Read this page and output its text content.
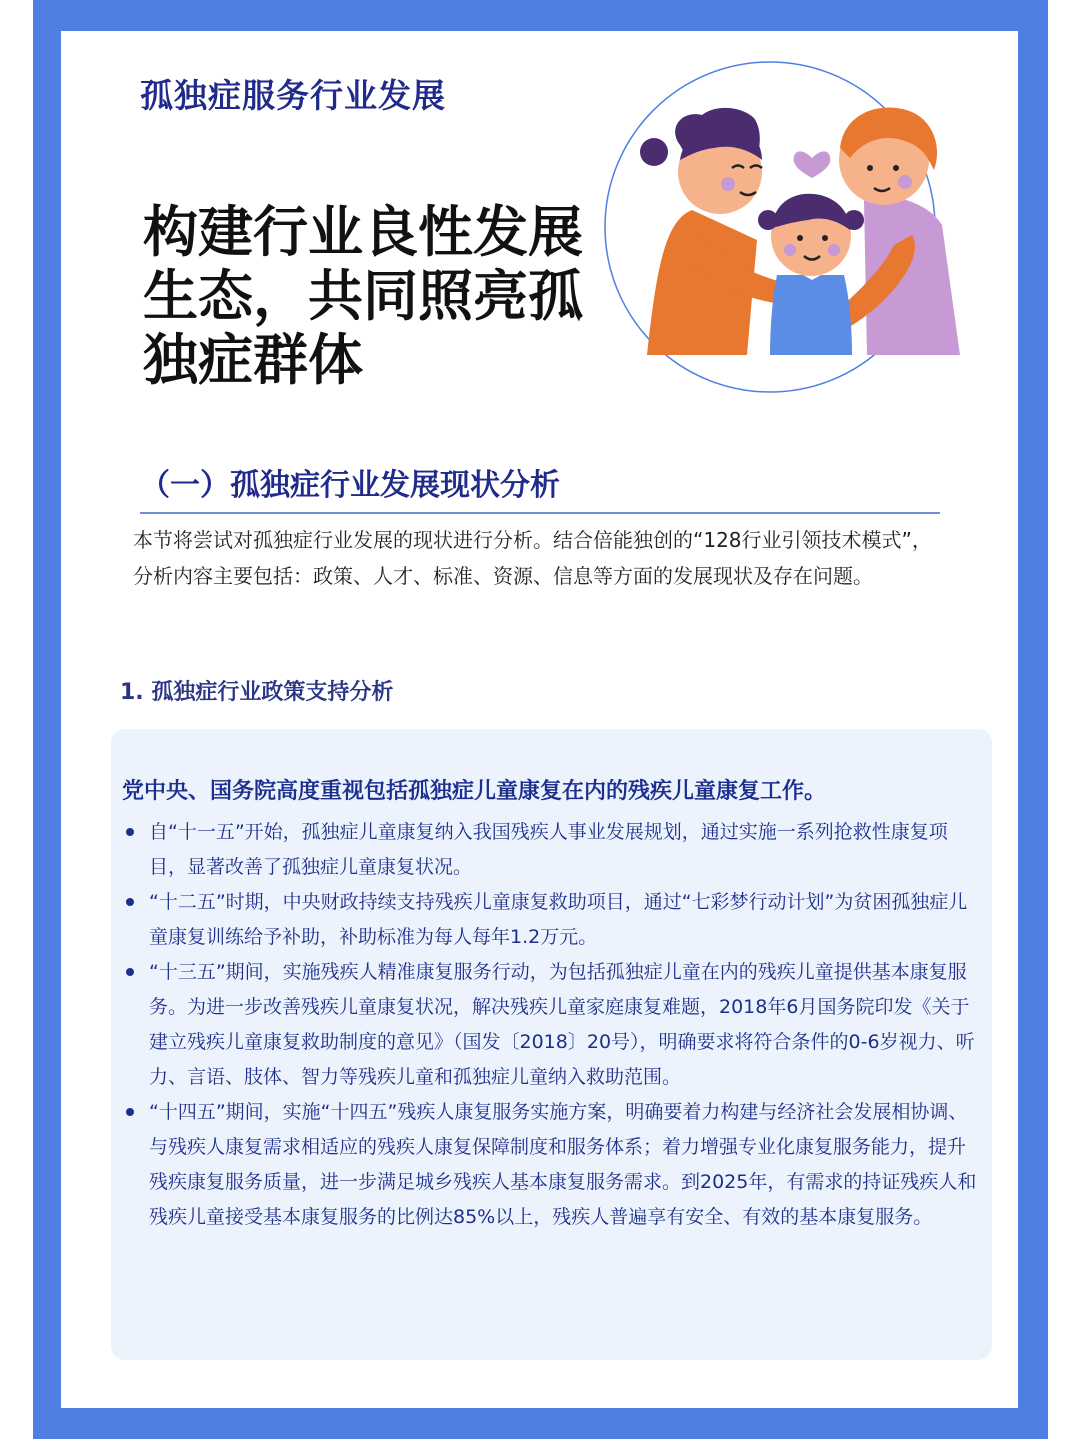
孤独症服务行业发展
构建行业良性发展生态，共同照亮孤独症群体
（一）孤独症行业发展现状分析
本节将尝试对孤独症行业发展的现状进行分析。结合倍能独创的“128行业引领技术模式”，分析内容主要包括：政策、人才、标准、资源、信息等方面的发展现状及存在问题。
1. 孤独症行业政策支持分析
党中央、国务院高度重视包括孤独症儿童康复在内的残疾儿童康复工作。
自“十一五”开始，孤独症儿童康复纳入我国残疾人事业发展规划，通过实施一系列抢救性康复项目，显著改善了孤独症儿童康复状况。
“十二五”时期，中央财政持续支持残疾儿童康复救助项目，通过“七彩梦行动计划”为贫困孤独症儿童康复训练给予补助，补助标准为每人每年1.2万元。
“十三五”期间，实施残疾人精准康复服务行动，为包括孤独症儿童在内的残疾儿童提供基本康复服务。为进一步改善残疾儿童康复状况，解决残疾儿童家庭康复难题，2018年6月国务院印发《关于建立残疾儿童康复救助制度的意见》（国发〔2018〕20号），明确要求将符合条件的0-6岁视力、听力、言语、肢体、智力等残疾儿童和孤独症儿童纳入救助范围。
“十四五”期间，实施“十四五”残疾人康复服务实施方案，明确要着力构建与经济社会发展相协调、与残疾人康复需求相适应的残疾人康复保障制度和服务体系；着力增强专业化康复服务能力，提升残疾康复服务质量，进一步满足城乡残疾人基本康复服务需求。到2025年，有需求的持证残疾人和残疾儿童接受基本康复服务的比例达85%以上，残疾人普遍享有安全、有效的基本康复服务。
